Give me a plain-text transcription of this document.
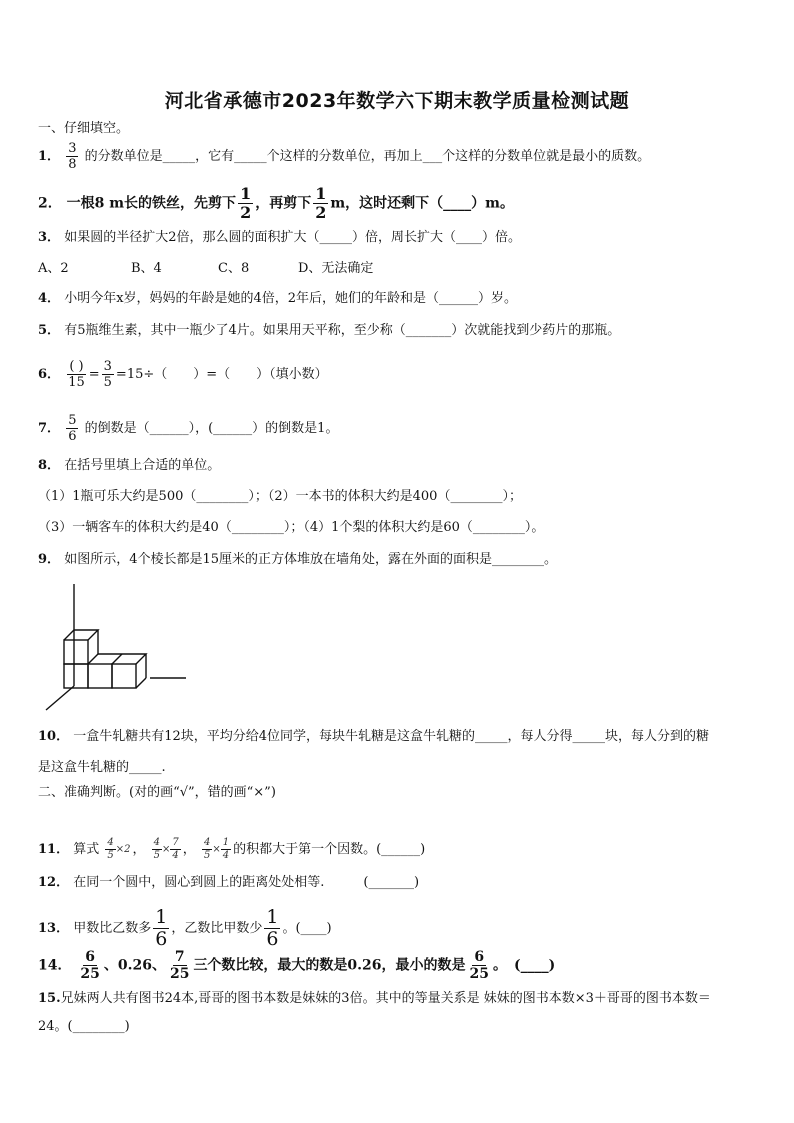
河北省承德市2023年数学六下期末教学质量检测试题
一、仔细填空。
1． $\frac{3}{8}$ 的分数单位是_____，它有_____个这样的分数单位，再加上___个这样的分数单位就是最小的质数。
2． 一根8 m长的铁丝，先剪下 $\frac{1}{2}$ ，再剪下 $\frac{1}{2}$ m，这时还剩下（____）m。
3． 如果圆的半径扩大2倍，那么圆的面积扩大（_____）倍，周长扩大（____）倍。
A、2	B、4	C、8	D、无法确定
4． 小明今年x岁，妈妈的年龄是她的4倍，2年后，她们的年龄和是（______）岁。
5． 有5瓶维生素，其中一瓶少了4片。如果用天平称，至少称（_______）次就能找到少药片的那瓶。
6． $\frac{( )}{15} = \frac{3}{5} =15\div$（　　）=（　　）（填小数）
7． $\frac{5}{6}$ 的倒数是（______），(______）的倒数是1。
8． 在括号里填上合适的单位。
（1）1瓶可乐大约是500（________）；（2）一本书的体积大约是400（________）；
（3）一辆客车的体积大约是40（________）；（4）1个梨的体积大约是60（________）。
9． 如图所示，4个棱长都是15厘米的正方体堆放在墙角处，露在外面的面积是________。
10． 一盒牛轧糖共有12块，平均分给4位同学，每块牛轧糖是这盒牛轧糖的_____，每人分得_____块，每人分到的糖
是这盒牛轧糖的_____.
二、准确判断。(对的画“√”，错的画“×”)
11． 算式 $\frac{4}{5} \times 2$ ， $\frac{4}{5} \times \frac{7}{4}$ ， $\frac{4}{5} \times \frac{1}{4}$ 的积都大于第一个因数。(______)
12． 在同一个圆中，圆心到圆上的距离处处相等.　　　(_______)
13． 甲数比乙数多 $\frac{1}{6}$ ，乙数比甲数少 $\frac{1}{6}$ 。(____)
14． $\frac{6}{25}$ 、0.26、 $\frac{7}{25}$ 三个数比较，最大的数是0.26，最小的数是 $\frac{6}{25}$ 。　(____)
15.兄妹两人共有图书24本,哥哥的图书本数是妹妹的3倍。其中的等量关系是 妹妹的图书本数×3＋哥哥的图书本数＝
24。(________)
